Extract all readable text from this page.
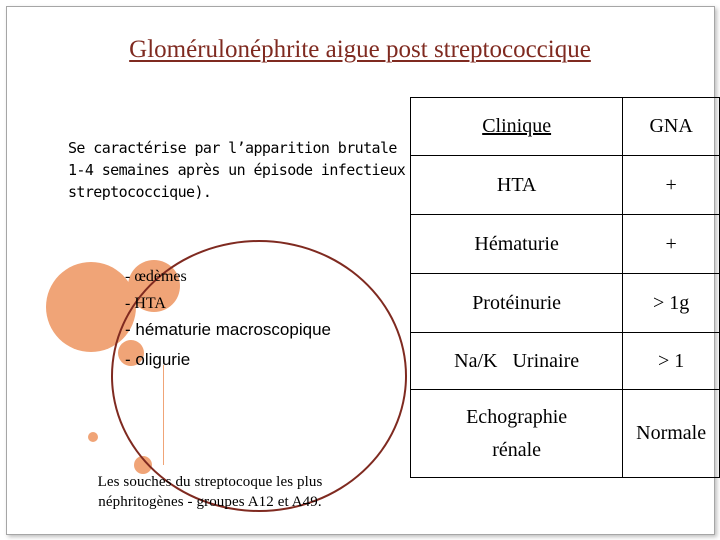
Glomérulonéphrite aigue post streptococcique
Se caractérise par l’apparition brutale 1-4 semaines après un épisode infectieux streptococcique).
- œdèmes
- HTA
- hématurie macroscopique
- oligurie
Les souches du streptocoque les plus
néphritogènes - groupes A12 et A49.
Clinique	GNA
HTA	+
Hématurie	+
Protéinurie	> 1g
Na/K   Urinaire	> 1
Echographie rénale	Normale
